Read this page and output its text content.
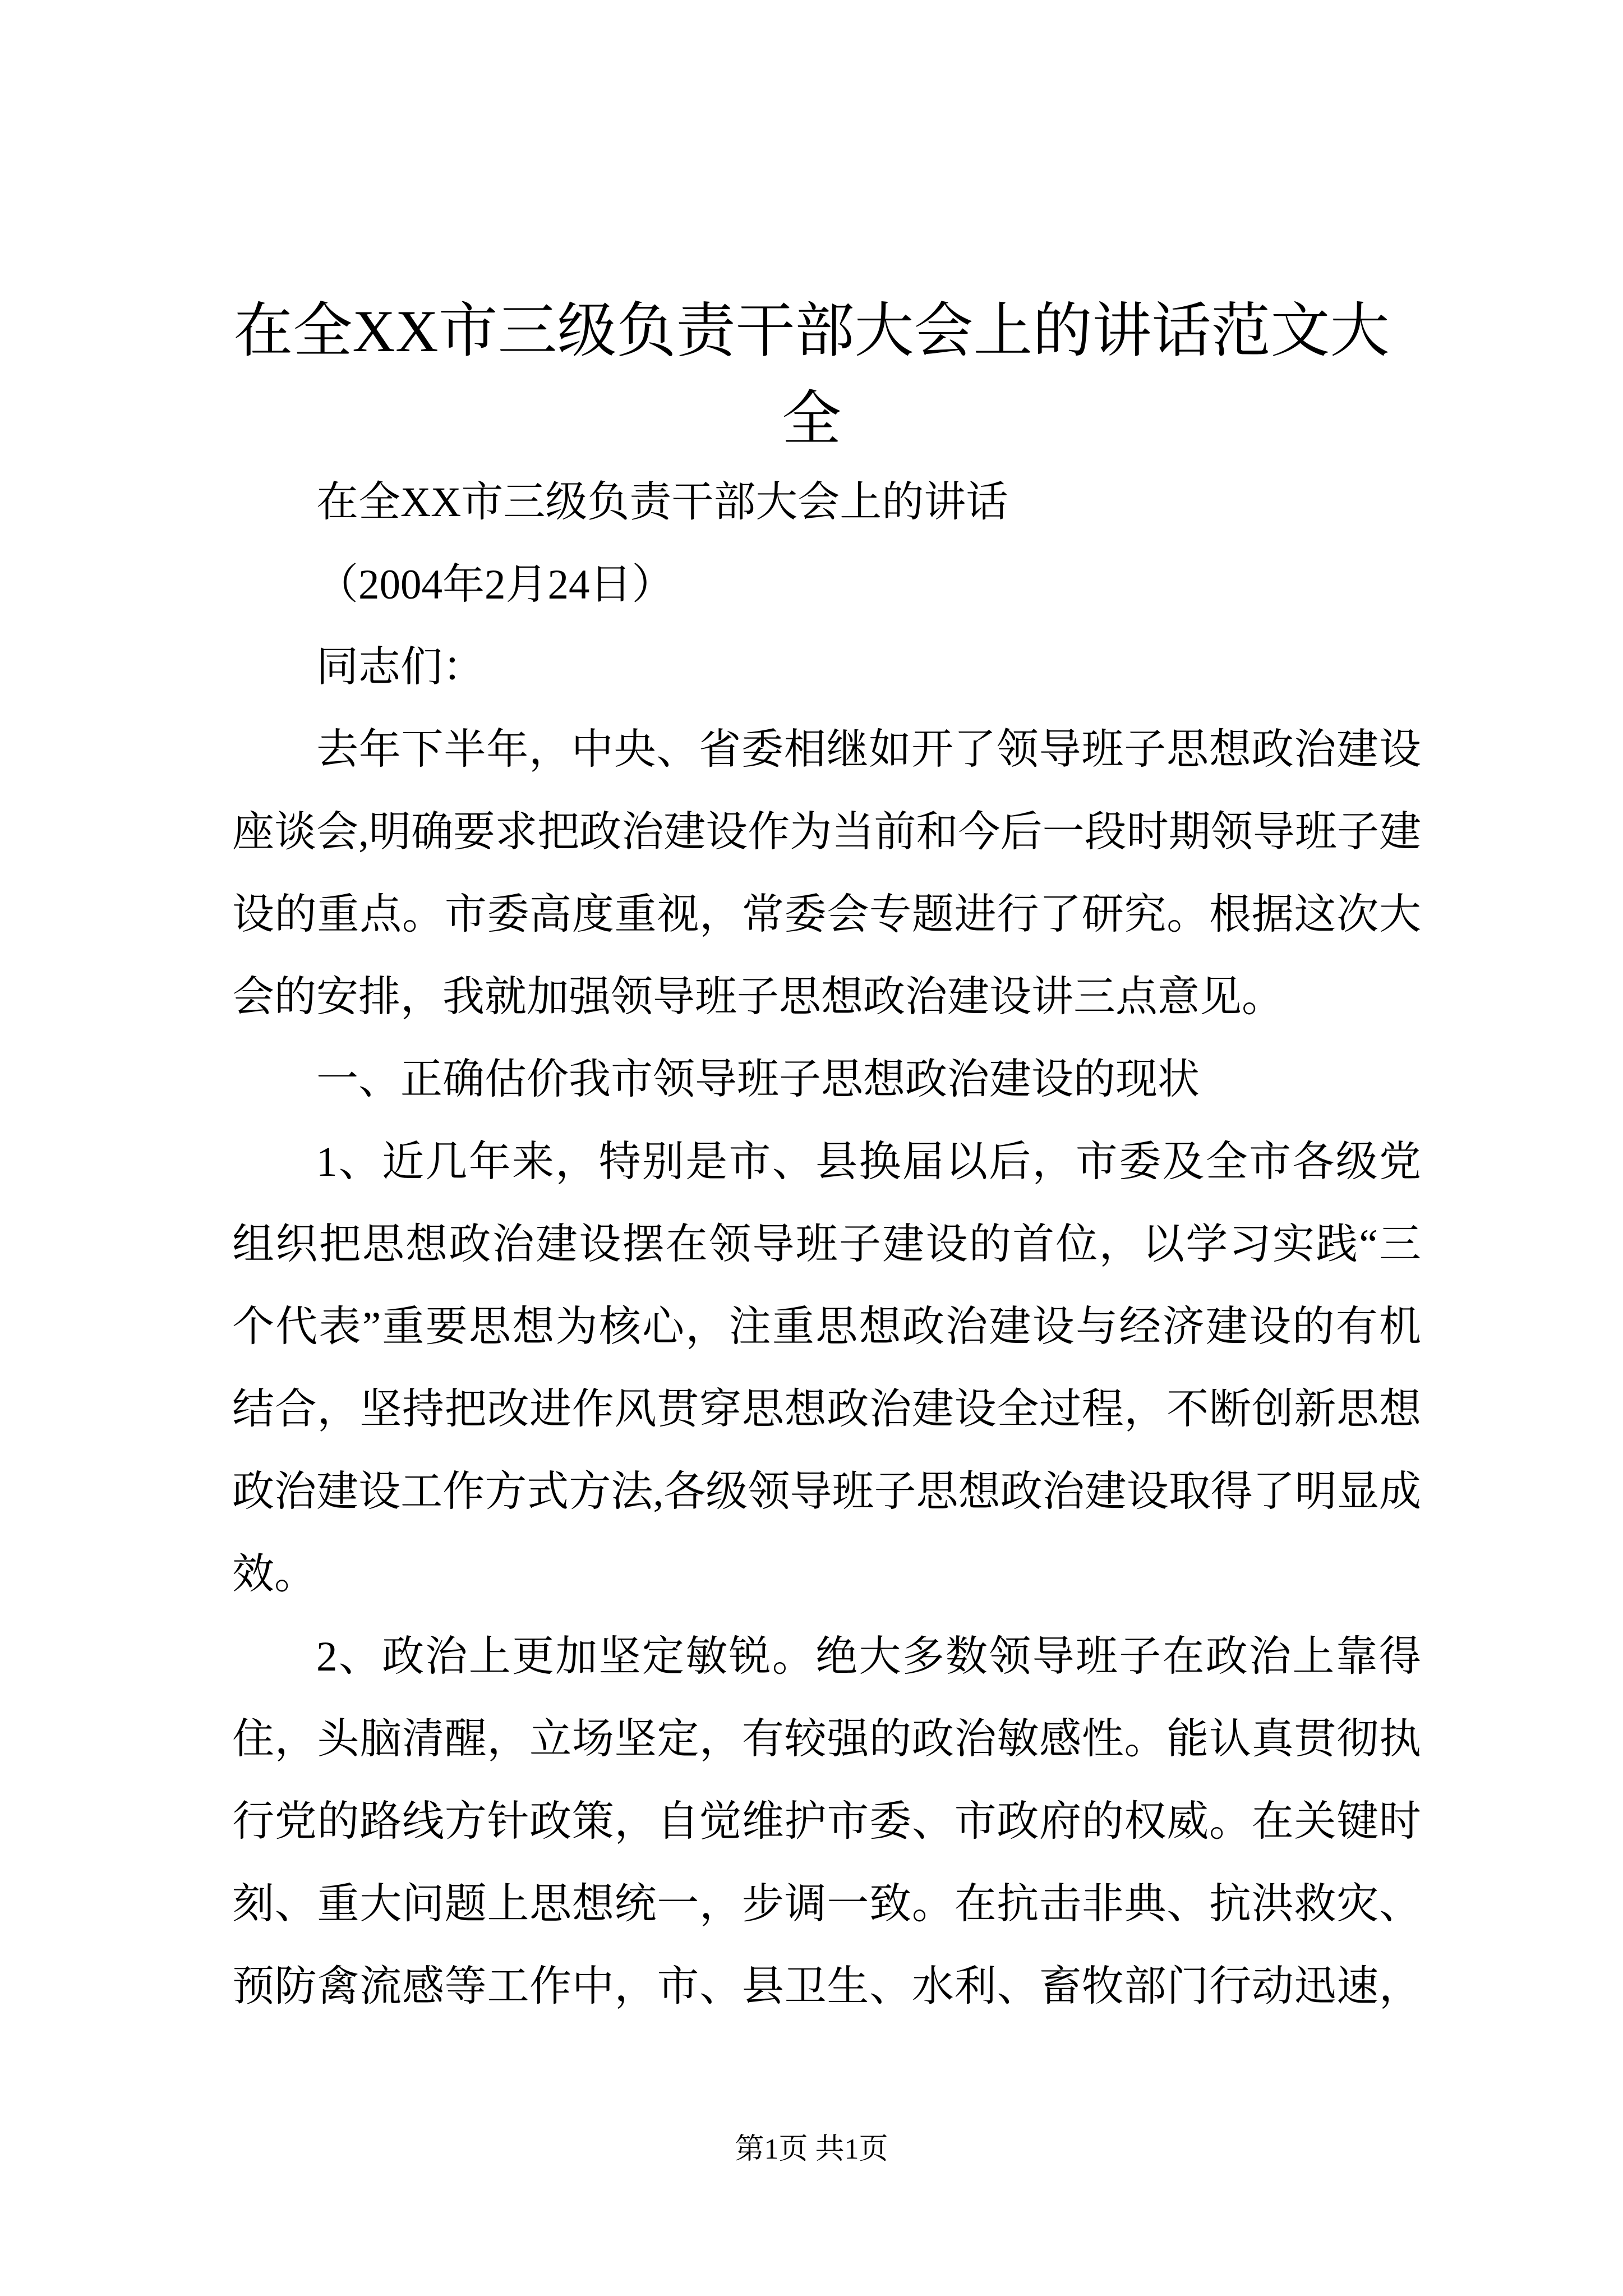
在全XX市三级负责干部大会上的讲话范文大全

在全XX市三级负责干部大会上的讲话

（2004年2月24日）

同志们：

去年下半年，中央、省委相继如开了领导班子思想政治建设座谈会,明确要求把政治建设作为当前和今后一段时期领导班子建设的重点。市委高度重视，常委会专题进行了研究。根据这次大会的安排，我就加强领导班子思想政治建设讲三点意见。

一、正确估价我市领导班子思想政治建设的现状

1、近几年来，特别是市、县换届以后，市委及全市各级党组织把思想政治建设摆在领导班子建设的首位，以学习实践“三个代表”重要思想为核心，注重思想政治建设与经济建设的有机结合，坚持把改进作风贯穿思想政治建设全过程，不断创新思想政治建设工作方式方法,各级领导班子思想政治建设取得了明显成效。

2、政治上更加坚定敏锐。绝大多数领导班子在政治上靠得住，头脑清醒，立场坚定，有较强的政治敏感性。能认真贯彻执行党的路线方针政策，自觉维护市委、市政府的权威。在关键时刻、重大问题上思想统一，步调一致。在抗击非典、抗洪救灾、预防禽流感等工作中，市、县卫生、水利、畜牧部门行动迅速，

第1页 共1页
